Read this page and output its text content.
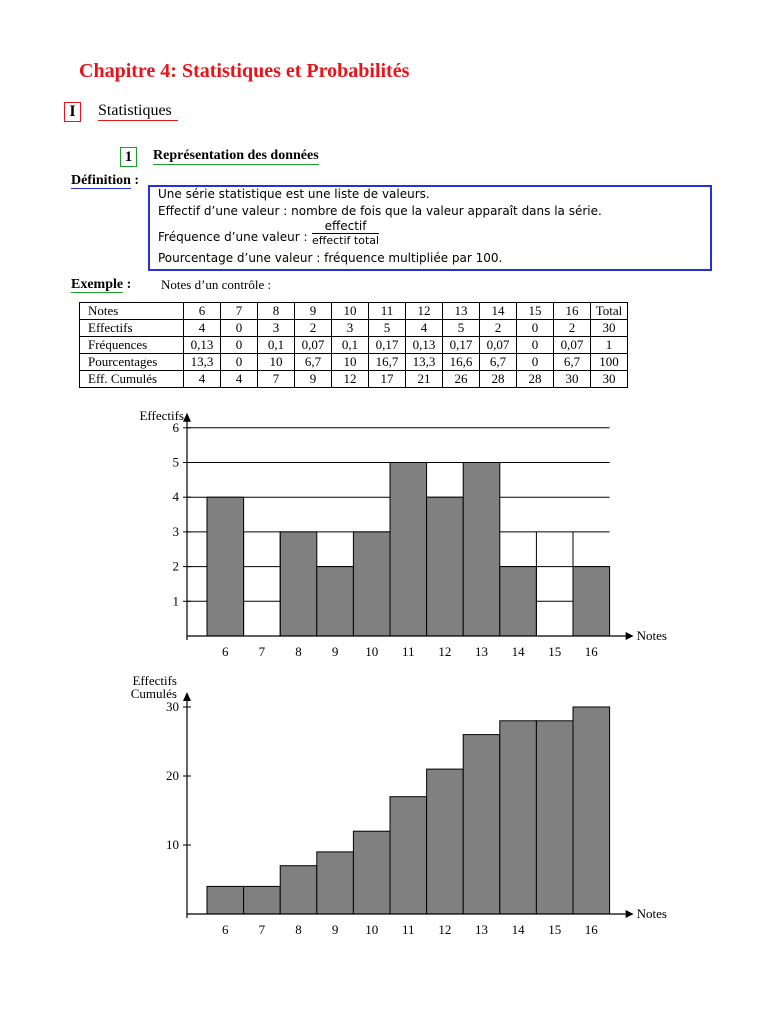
Chapitre 4: Statistiques et Probabilités
I	Statistiques
1	Représentation des données
Définition :
Une série statistique est une liste de valeurs.
Effectif d’une valeur : nombre de fois que la valeur apparaît dans la série.
Fréquence d’une valeur :
effectif
effectif total
Pourcentage d’une valeur : fréquence multipliée par 100.
Exemple : Notes d’un contrôle :
Notes	6	7	8	9	10	11	12	13	14	15	16	Total
Effectifs	4	0	3	2	3	5	4	5	2	0	2	30
Fréquences	0,13	0	0,1	0,07	0,1	0,17	0,13	0,17	0,07	0	0,07	1
Pourcentages	13,3	0	10	6,7	10	16,7	13,3	16,6	6,7	0	6,7	100
Eff. Cumulés	4	4	7	9	12	17	21	26	28	28	30	30
1
2
3
4
5
6
6 7 8 9 10 11 12 13 14 15 16
Notes
Effectifs
10
20
30
6 7 8 9 10 11 12 13 14 15 16
Notes
Effectifs
Cumulés
